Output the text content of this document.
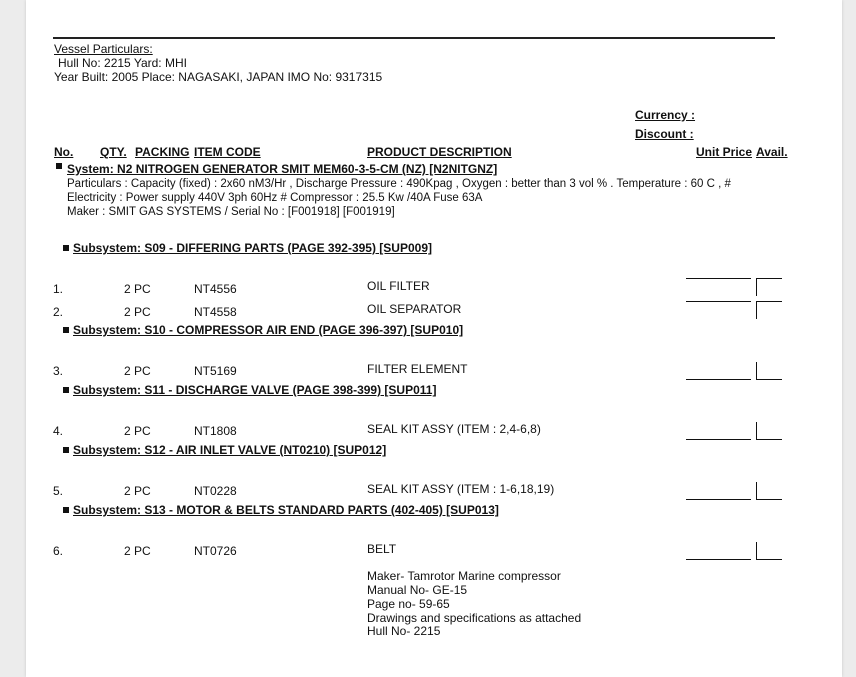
Vessel Particulars:
Hull No: 2215 Yard: MHI
Year Built: 2005 Place: NAGASAKI, JAPAN IMO No: 9317315
Currency :
Discount :
No. QTY. PACKING ITEM CODE	PRODUCT DESCRIPTION	Unit Price Avail.
System: N2 NITROGEN GENERATOR SMIT MEM60-3-5-CM (NZ) [N2NITGNZ]
Particulars : Capacity (fixed) : 2x60 nM3/Hr , Discharge Pressure : 490Kpag , Oxygen : better than 3 vol % . Temperature : 60 C , #
Electricity : Power supply 440V 3ph 60Hz # Compressor : 25.5 Kw /40A Fuse 63A
Maker : SMIT GAS SYSTEMS / Serial No : [F001918] [F001919]
Subsystem: S09 - DIFFERING PARTS (PAGE 392-395) [SUP009]
1.	2 PC	NT4556	OIL FILTER
2.	2 PC	NT4558	OIL SEPARATOR
Subsystem: S10 - COMPRESSOR AIR END (PAGE 396-397) [SUP010]
3.	2 PC	NT5169	FILTER ELEMENT
Subsystem: S11 - DISCHARGE VALVE (PAGE 398-399) [SUP011]
4.	2 PC	NT1808	SEAL KIT ASSY (ITEM : 2,4-6,8)
Subsystem: S12 - AIR INLET VALVE (NT0210) [SUP012]
5.	2 PC	NT0228	SEAL KIT ASSY (ITEM : 1-6,18,19)
Subsystem: S13 - MOTOR & BELTS STANDARD PARTS (402-405) [SUP013]
6.	2 PC	NT0726	BELT
Maker- Tamrotor Marine compressor
Manual No- GE-15
Page no- 59-65
Drawings and specifications as attached
Hull No- 2215
